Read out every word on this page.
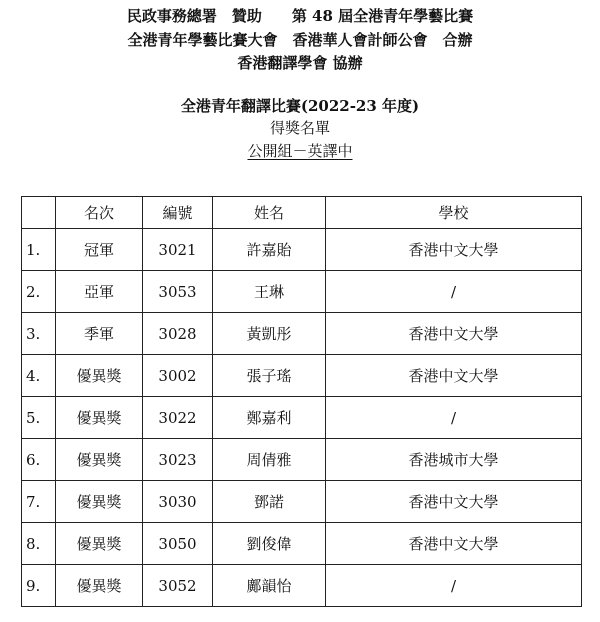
民政事務總署　贊助　　第 48 屆全港青年學藝比賽
全港青年學藝比賽大會　香港華人會計師公會　合辦
香港翻譯學會 協辦
全港青年翻譯比賽(2022-23 年度)
得獎名單
公開組－英譯中
	名次	編號	姓名	學校
1.	冠軍	3021	許嘉貽	香港中文大學
2.	亞軍	3053	王琳	/
3.	季軍	3028	黃凱彤	香港中文大學
4.	優異獎	3002	張子瑤	香港中文大學
5.	優異獎	3022	鄭嘉利	/
6.	優異獎	3023	周倩雅	香港城市大學
7.	優異獎	3030	鄧諾	香港中文大學
8.	優異獎	3050	劉俊偉	香港中文大學
9.	優異獎	3052	鄺韻怡	/
